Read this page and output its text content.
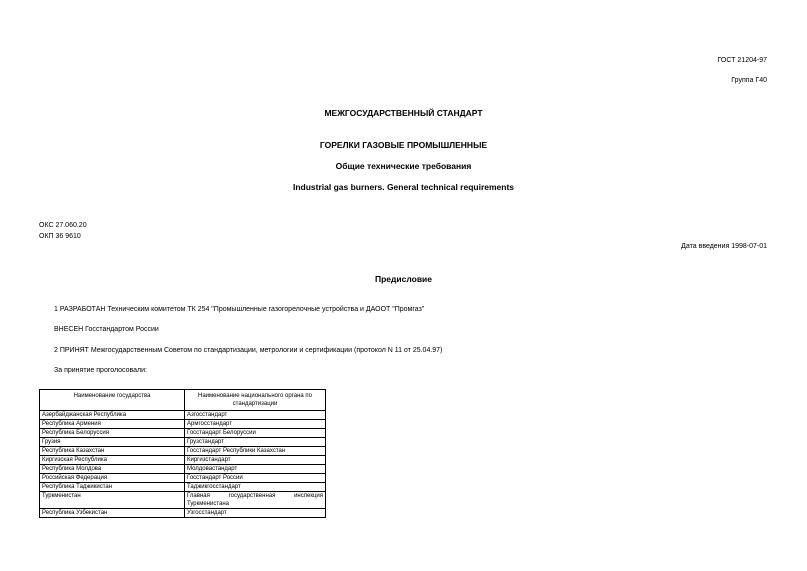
ГОСТ 21204-97
Группа Г40
МЕЖГОСУДАРСТВЕННЫЙ СТАНДАРТ
ГОРЕЛКИ ГАЗОВЫЕ ПРОМЫШЛЕННЫЕ
Общие технические требования
Industrial gas burners. General technical requirements
ОКС 27.060.20
ОКП 36 9610
Дата введения 1998-07-01
Предисловие
1 РАЗРАБОТАН Техническим комитетом ТК 254 "Промышленные газогорелочные устройства и ДАООТ "Промгаз"
ВНЕСЕН Госстандартом России
2 ПРИНЯТ Межгосударственным Советом по стандартизации, метрологии и сертификации (протокол N 11 от 25.04.97)
За принятие проголосовали:
Наименование государства	Наименование национального органа по стандартизации
Азербайджанская Республика	Азгосстандарт
Республика Армения	Армгосстандарт
Республика Белоруссия	Госстандарт Белоруссии
Грузия	Грузстандарт
Республика Казахстан	Госстандарт Республики Казахстан
Киргизская Республика	Киргизстандарт
Республика Молдова	Молдовастандарт
Российская Федерация	Госстандарт России
Республика Таджикистан	Таджикгосстандарт
Туркменистан	Главная государственная инспекция Туркменистана
Республика Узбекистан	Узгосстандарт
